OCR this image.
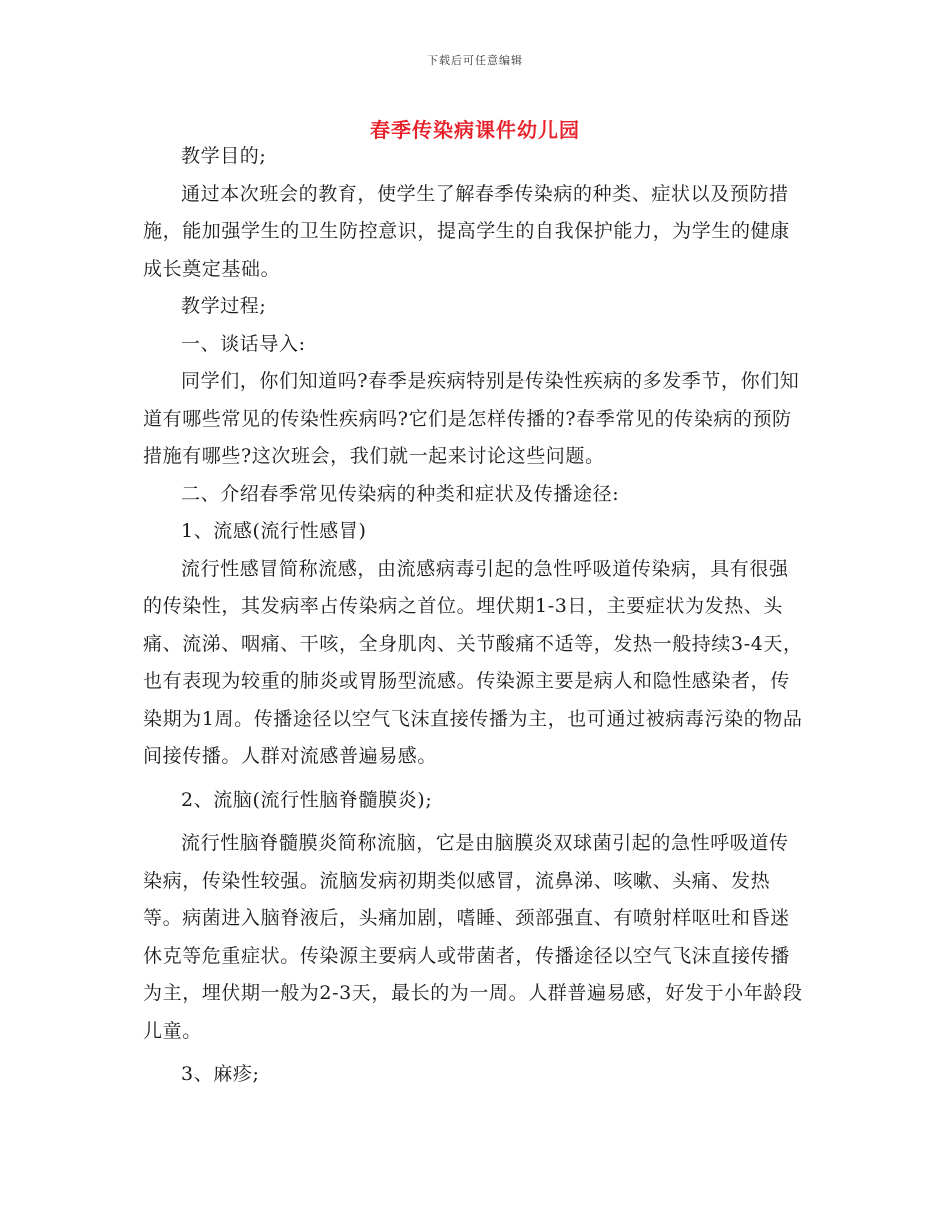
下载后可任意编辑
春季传染病课件幼儿园

教学目的;

通过本次班会的教育，使学生了解春季传染病的种类、症状以及预防措施，能加强学生的卫生防控意识，提高学生的自我保护能力，为学生的健康成长奠定基础。

教学过程;

一、谈话导入:

同学们，你们知道吗?春季是疾病特别是传染性疾病的多发季节，你们知道有哪些常见的传染性疾病吗?它们是怎样传播的?春季常见的传染病的预防措施有哪些?这次班会，我们就一起来讨论这些问题。

二、介绍春季常见传染病的种类和症状及传播途径:

1、流感(流行性感冒)

流行性感冒简称流感，由流感病毒引起的急性呼吸道传染病，具有很强的传染性，其发病率占传染病之首位。埋伏期1-3日，主要症状为发热、头痛、流涕、咽痛、干咳，全身肌肉、关节酸痛不适等，发热一般持续3-4天，也有表现为较重的肺炎或胃肠型流感。传染源主要是病人和隐性感染者，传染期为1周。传播途径以空气飞沫直接传播为主，也可通过被病毒污染的物品间接传播。人群对流感普遍易感。

2、流脑(流行性脑脊髓膜炎);

流行性脑脊髓膜炎简称流脑，它是由脑膜炎双球菌引起的急性呼吸道传染病，传染性较强。流脑发病初期类似感冒，流鼻涕、咳嗽、头痛、发热等。病菌进入脑脊液后，头痛加剧，嗜睡、颈部强直、有喷射样呕吐和昏迷休克等危重症状。传染源主要病人或带菌者，传播途径以空气飞沫直接传播为主，埋伏期一般为2-3天，最长的为一周。人群普遍易感，好发于小年龄段儿童。

3、麻疹;
